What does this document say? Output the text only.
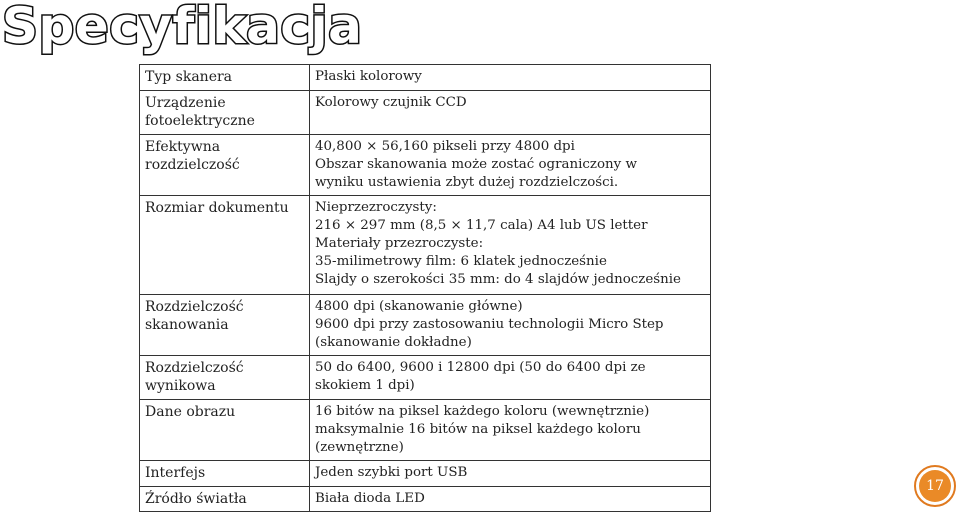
Specyfikacja
Typ skanera	Płaski kolorowy

Urządzenie
fotoelektryczne	Kolorowy czujnik CCD

Efektywna
rozdzielczość	40,800 × 56,160 pikseli przy 4800 dpi
Obszar skanowania może zostać ograniczony w
wyniku ustawienia zbyt dużej rozdzielczości.

Rozmiar dokumentu	Nieprzezroczysty:
216 × 297 mm (8,5 × 11,7 cala) A4 lub US letter
Materiały przezroczyste:
35-milimetrowy film: 6 klatek jednocześnie
Slajdy o szerokości 35 mm: do 4 slajdów jednocześnie

Rozdzielczość
skanowania	4800 dpi (skanowanie główne)
9600 dpi przy zastosowaniu technologii Micro Step
(skanowanie dokładne)

Rozdzielczość
wynikowa	50 do 6400, 9600 i 12800 dpi (50 do 6400 dpi ze
skokiem 1 dpi)

Dane obrazu	16 bitów na piksel każdego koloru (wewnętrznie)
maksymalnie 16 bitów na piksel każdego koloru
(zewnętrzne)

Interfejs	Jeden szybki port USB

Źródło światła	Biała dioda LED
17
